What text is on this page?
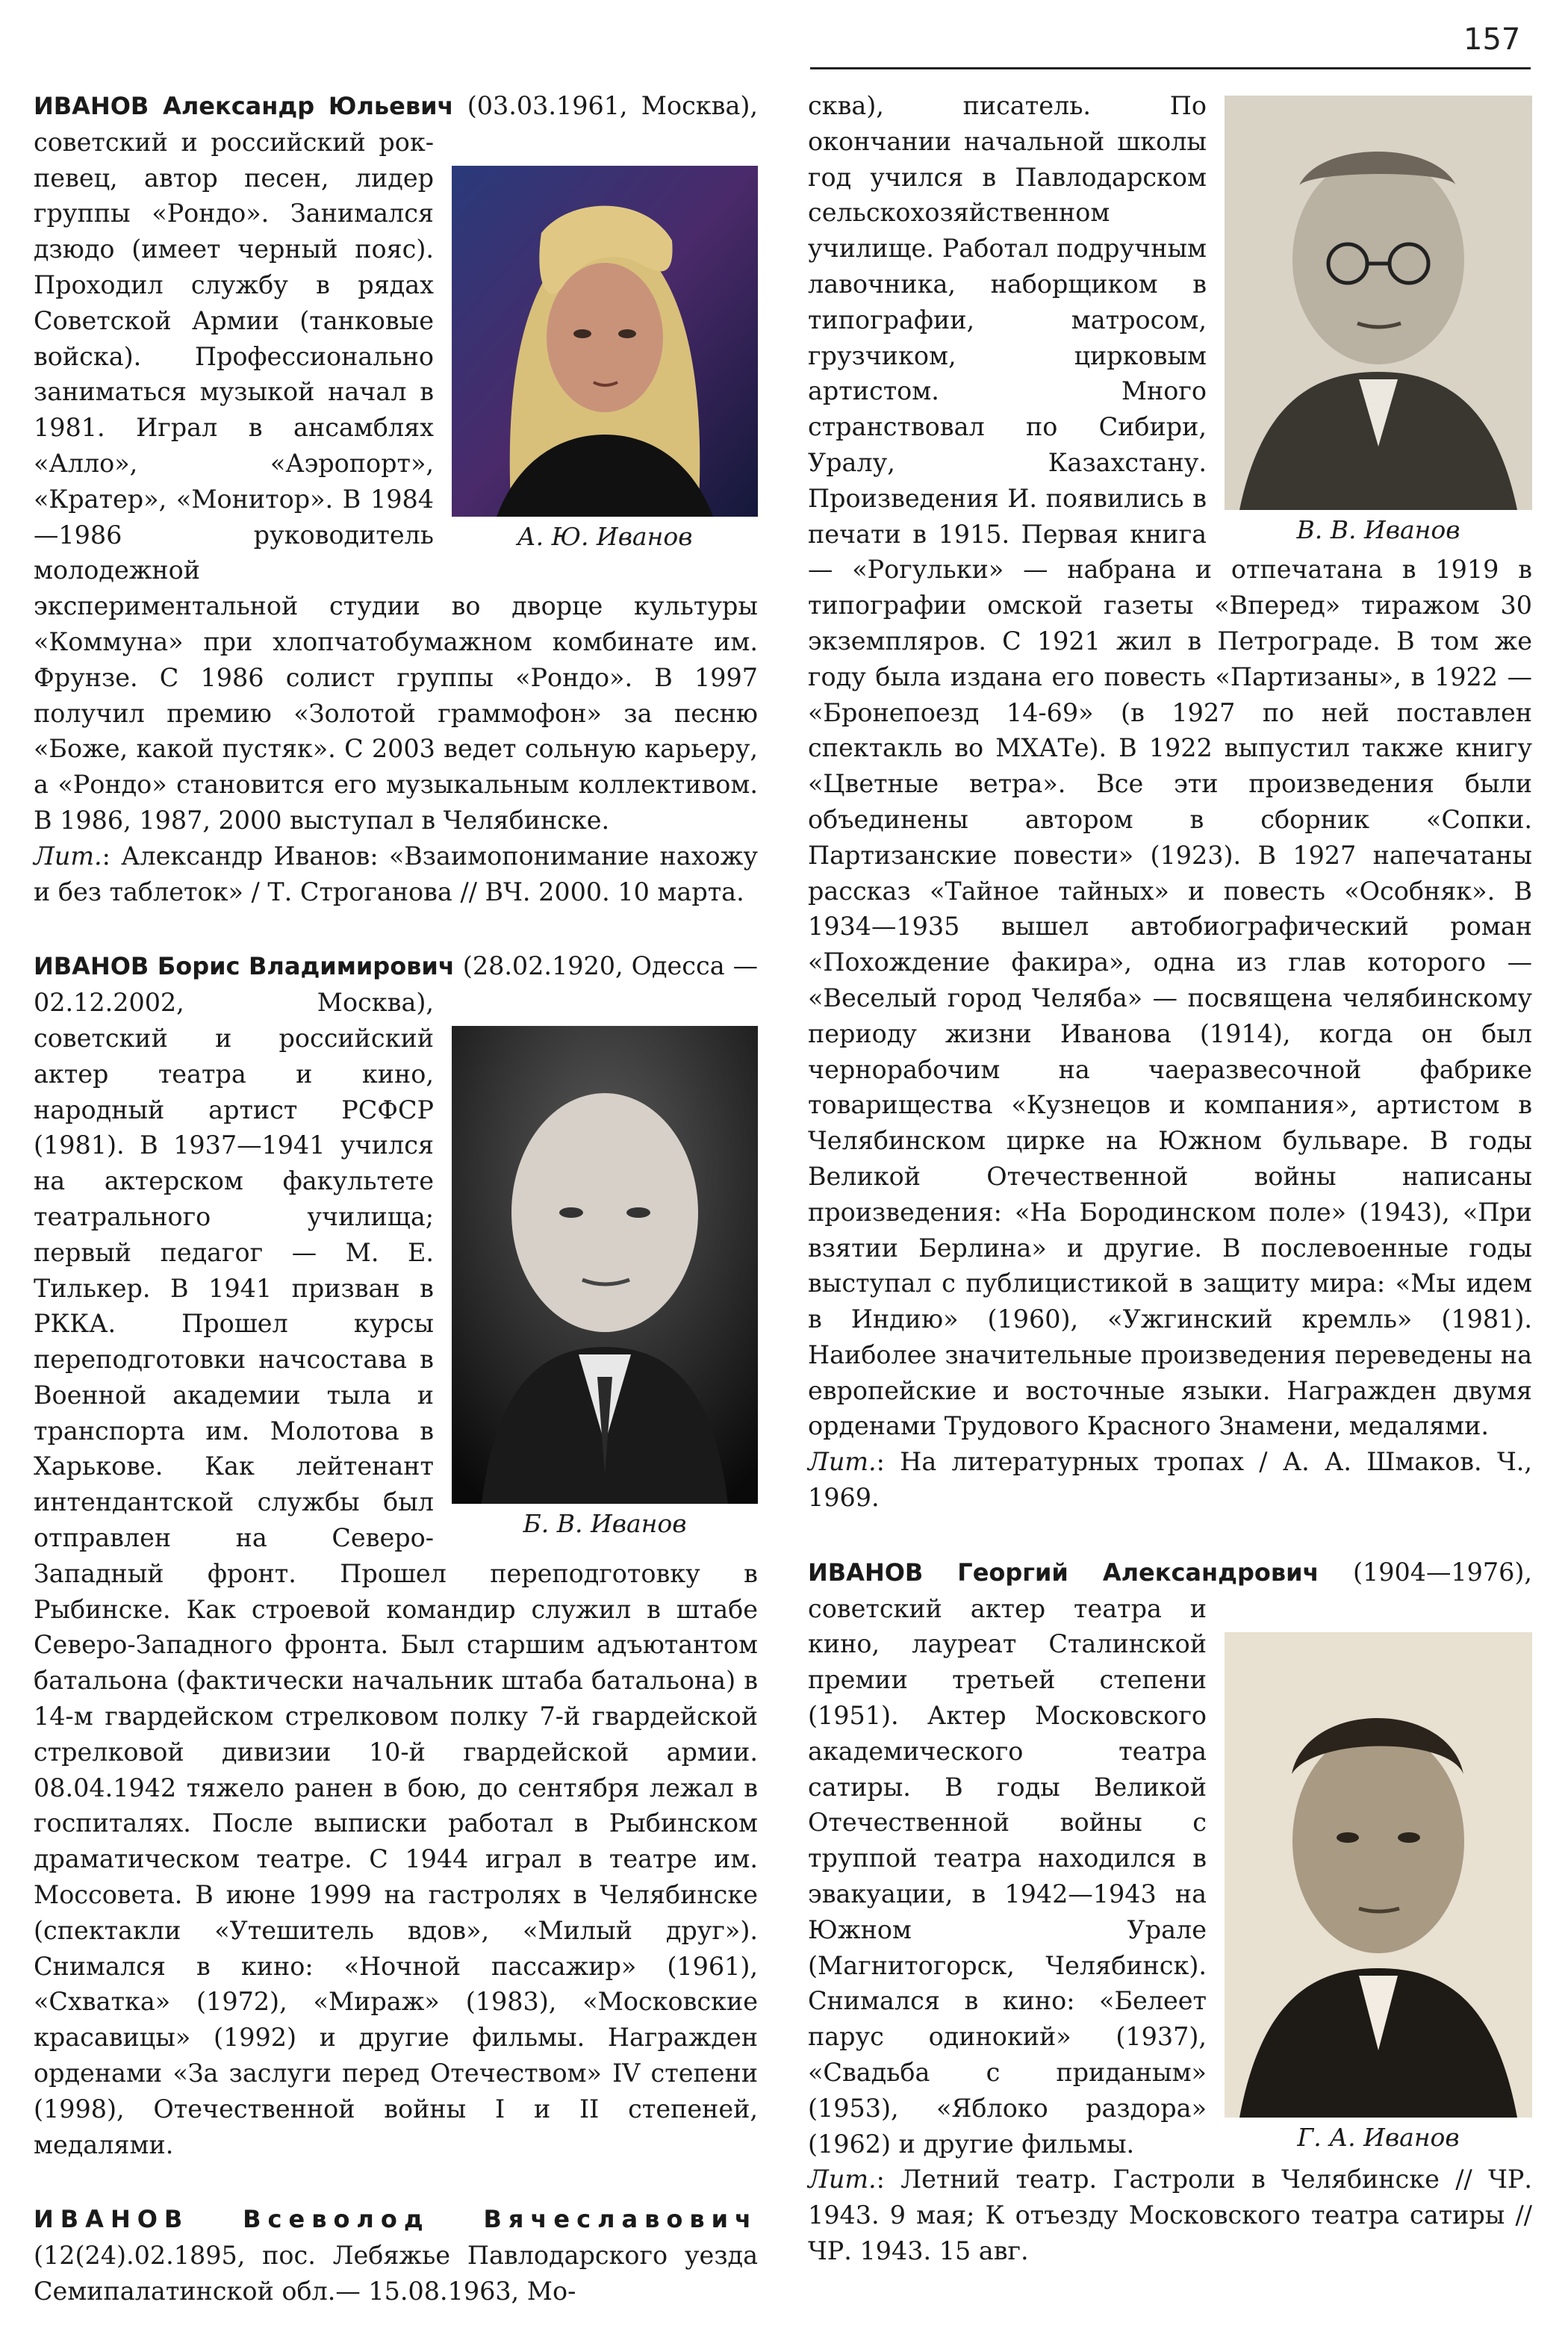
157
А. Ю. Иванов

ИВАНОВ Александр Юльевич (03.03.1961, Москва), советский и российский рок-певец, автор песен, лидер группы «Рондо». Занимался дзюдо (имеет черный пояс). Проходил службу в рядах Советской Армии (танковые войска). Профессионально заниматься музыкой начал в 1981. Играл в ансамблях «Алло», «Аэропорт», «Кратер», «Монитор». В 1984—1986 руководитель молодежной экспериментальной студии во дворце культуры «Коммуна» при хлопчатобумажном комбинате им. Фрунзе. С 1986 солист группы «Рондо». В 1997 получил премию «Золотой граммофон» за песню «Боже, какой пустяк». С 2003 ведет сольную карьеру, а «Рондо» становится его музыкальным коллективом. В 1986, 1987, 2000 выступал в Челябинске.

Лит.: Александр Иванов: «Взаимопонимание нахожу и без таблеток» / Т. Строганова // ВЧ. 2000. 10 марта.

Б. В. Иванов

ИВАНОВ Борис Владимирович (28.02.1920, Одесса — 02.12.2002, Москва), советский и российский актер театра и кино, народный артист РСФСР (1981). В 1937—1941 учился на актерском факультете театрального училища; первый педагог — М. Е. Тилькер. В 1941 призван в РККА. Прошел курсы переподготовки начсостава в Военной академии тыла и транспорта им. Молотова в Харькове. Как лейтенант интендантской службы был отправлен на Северо-Западный фронт. Прошел переподготовку в Рыбинске. Как строевой командир служил в штабе Северо-Западного фронта. Был старшим адъютантом батальона (фактически начальник штаба батальона) в 14-м гвардейском стрелковом полку 7-й гвардейской стрелковой дивизии 10-й гвардейской армии. 08.04.1942 тяжело ранен в бою, до сентября лежал в госпиталях. После выписки работал в Рыбинском драматическом театре. С 1944 играл в театре им. Моссовета. В июне 1999 на гастролях в Челябинске (спектакли «Утешитель вдов», «Милый друг»). Снимался в кино: «Ночной пассажир» (1961), «Схватка» (1972), «Мираж» (1983), «Московские красавицы» (1992) и другие фильмы. Награжден орденами «За заслуги перед Отечеством» IV степени (1998), Отечественной войны I и II степеней, медалями.

ИВАНОВ Всеволод Вячеславович (12(24).02.1895, пос. Лебяжье Павлодарского уезда Семипалатинской обл.— 15.08.1963, Мо-

В. В. Иванов

сква), писатель. По окончании начальной школы год учился в Павлодарском сельскохозяйственном училище. Работал подручным лавочника, наборщиком в типографии, матросом, грузчиком, цирковым артистом. Много странствовал по Сибири, Уралу, Казахстану. Произведения И. появились в печати в 1915. Первая книга — «Рогульки» — набрана и отпечатана в 1919 в типографии омской газеты «Вперед» тиражом 30 экземпляров. С 1921 жил в Петрограде. В том же году была издана его повесть «Партизаны», в 1922 — «Бронепоезд 14-69» (в 1927 по ней поставлен спектакль во МХАТе). В 1922 выпустил также книгу «Цветные ветра». Все эти произведения были объединены автором в сборник «Сопки. Партизанские повести» (1923). В 1927 напечатаны рассказ «Тайное тайных» и повесть «Особняк». В 1934—1935 вышел автобиографический роман «Похождение факира», одна из глав которого — «Веселый город Челяба» — посвящена челябинскому периоду жизни Иванова (1914), когда он был чернорабочим на чаеразвесочной фабрике товарищества «Кузнецов и компания», артистом в Челябинском цирке на Южном бульваре. В годы Великой Отечественной войны написаны произведения: «На Бородинском поле» (1943), «При взятии Берлина» и другие. В послевоенные годы выступал с публицистикой в защиту мира: «Мы идем в Индию» (1960), «Ужгинский кремль» (1981). Наиболее значительные произведения переведены на европейские и восточные языки. Награжден двумя орденами Трудового Красного Знамени, медалями.

Лит.: На литературных тропах / А. А. Шмаков. Ч., 1969.

Г. А. Иванов

ИВАНОВ Георгий Александрович (1904—1976), советский актер театра и кино, лауреат Сталинской премии третьей степени (1951). Актер Московского академического театра сатиры. В годы Великой Отечественной войны с труппой театра находился в эвакуации, в 1942—1943 на Южном Урале (Магнитогорск, Челябинск). Снимался в кино: «Белеет парус одинокий» (1937), «Свадьба с приданым» (1953), «Яблоко раздора» (1962) и другие фильмы.

Лит.: Летний театр. Гастроли в Челябинске // ЧР. 1943. 9 мая; К отъезду Московского театра сатиры // ЧР. 1943. 15 авг.
